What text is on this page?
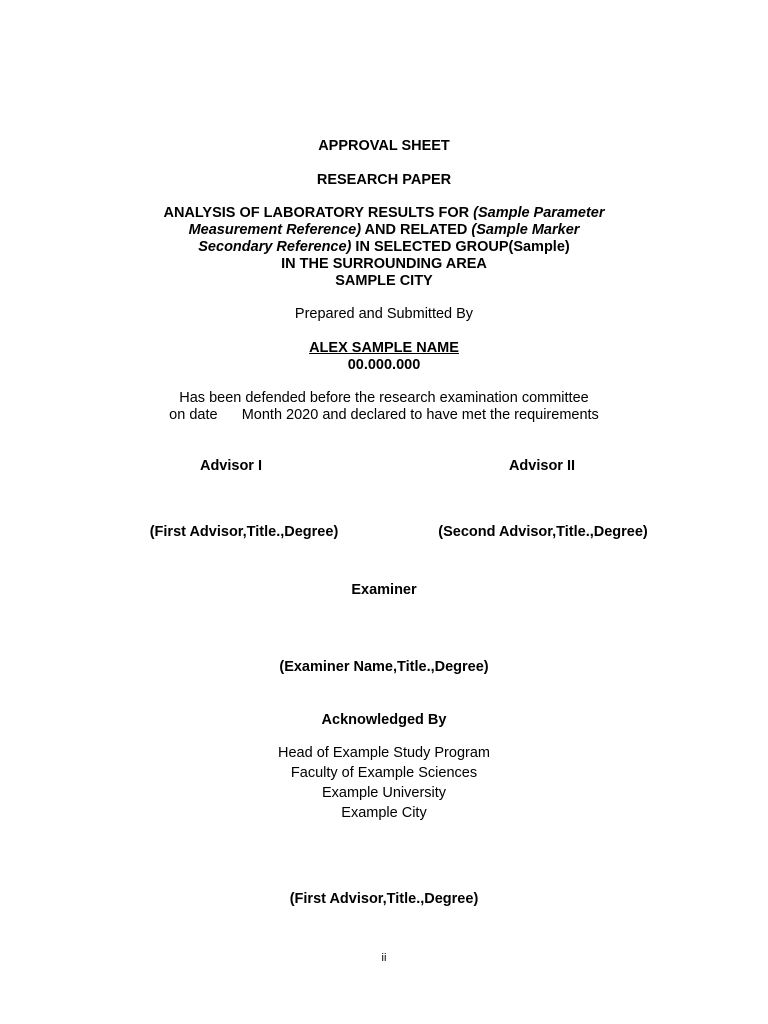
APPROVAL SHEET
RESEARCH PAPER
ANALYSIS OF LABORATORY RESULTS FOR (Sample Parameter
Measurement Reference) AND RELATED (Sample Marker
Secondary Reference) IN SELECTED GROUP(Sample)
IN THE SURROUNDING AREA
SAMPLE CITY
Prepared and Submitted By
ALEX SAMPLE NAME
00.000.000
Has been defended before the research examination committee
on date      Month 2020 and declared to have met the requirements
Advisor I	Advisor II
(First Advisor,Title.,Degree)	(Second Advisor,Title.,Degree)
Examiner
(Examiner Name,Title.,Degree)
Acknowledged By
Head of Example Study Program
Faculty of Example Sciences
Example University
Example City
(First Advisor,Title.,Degree)
ii
